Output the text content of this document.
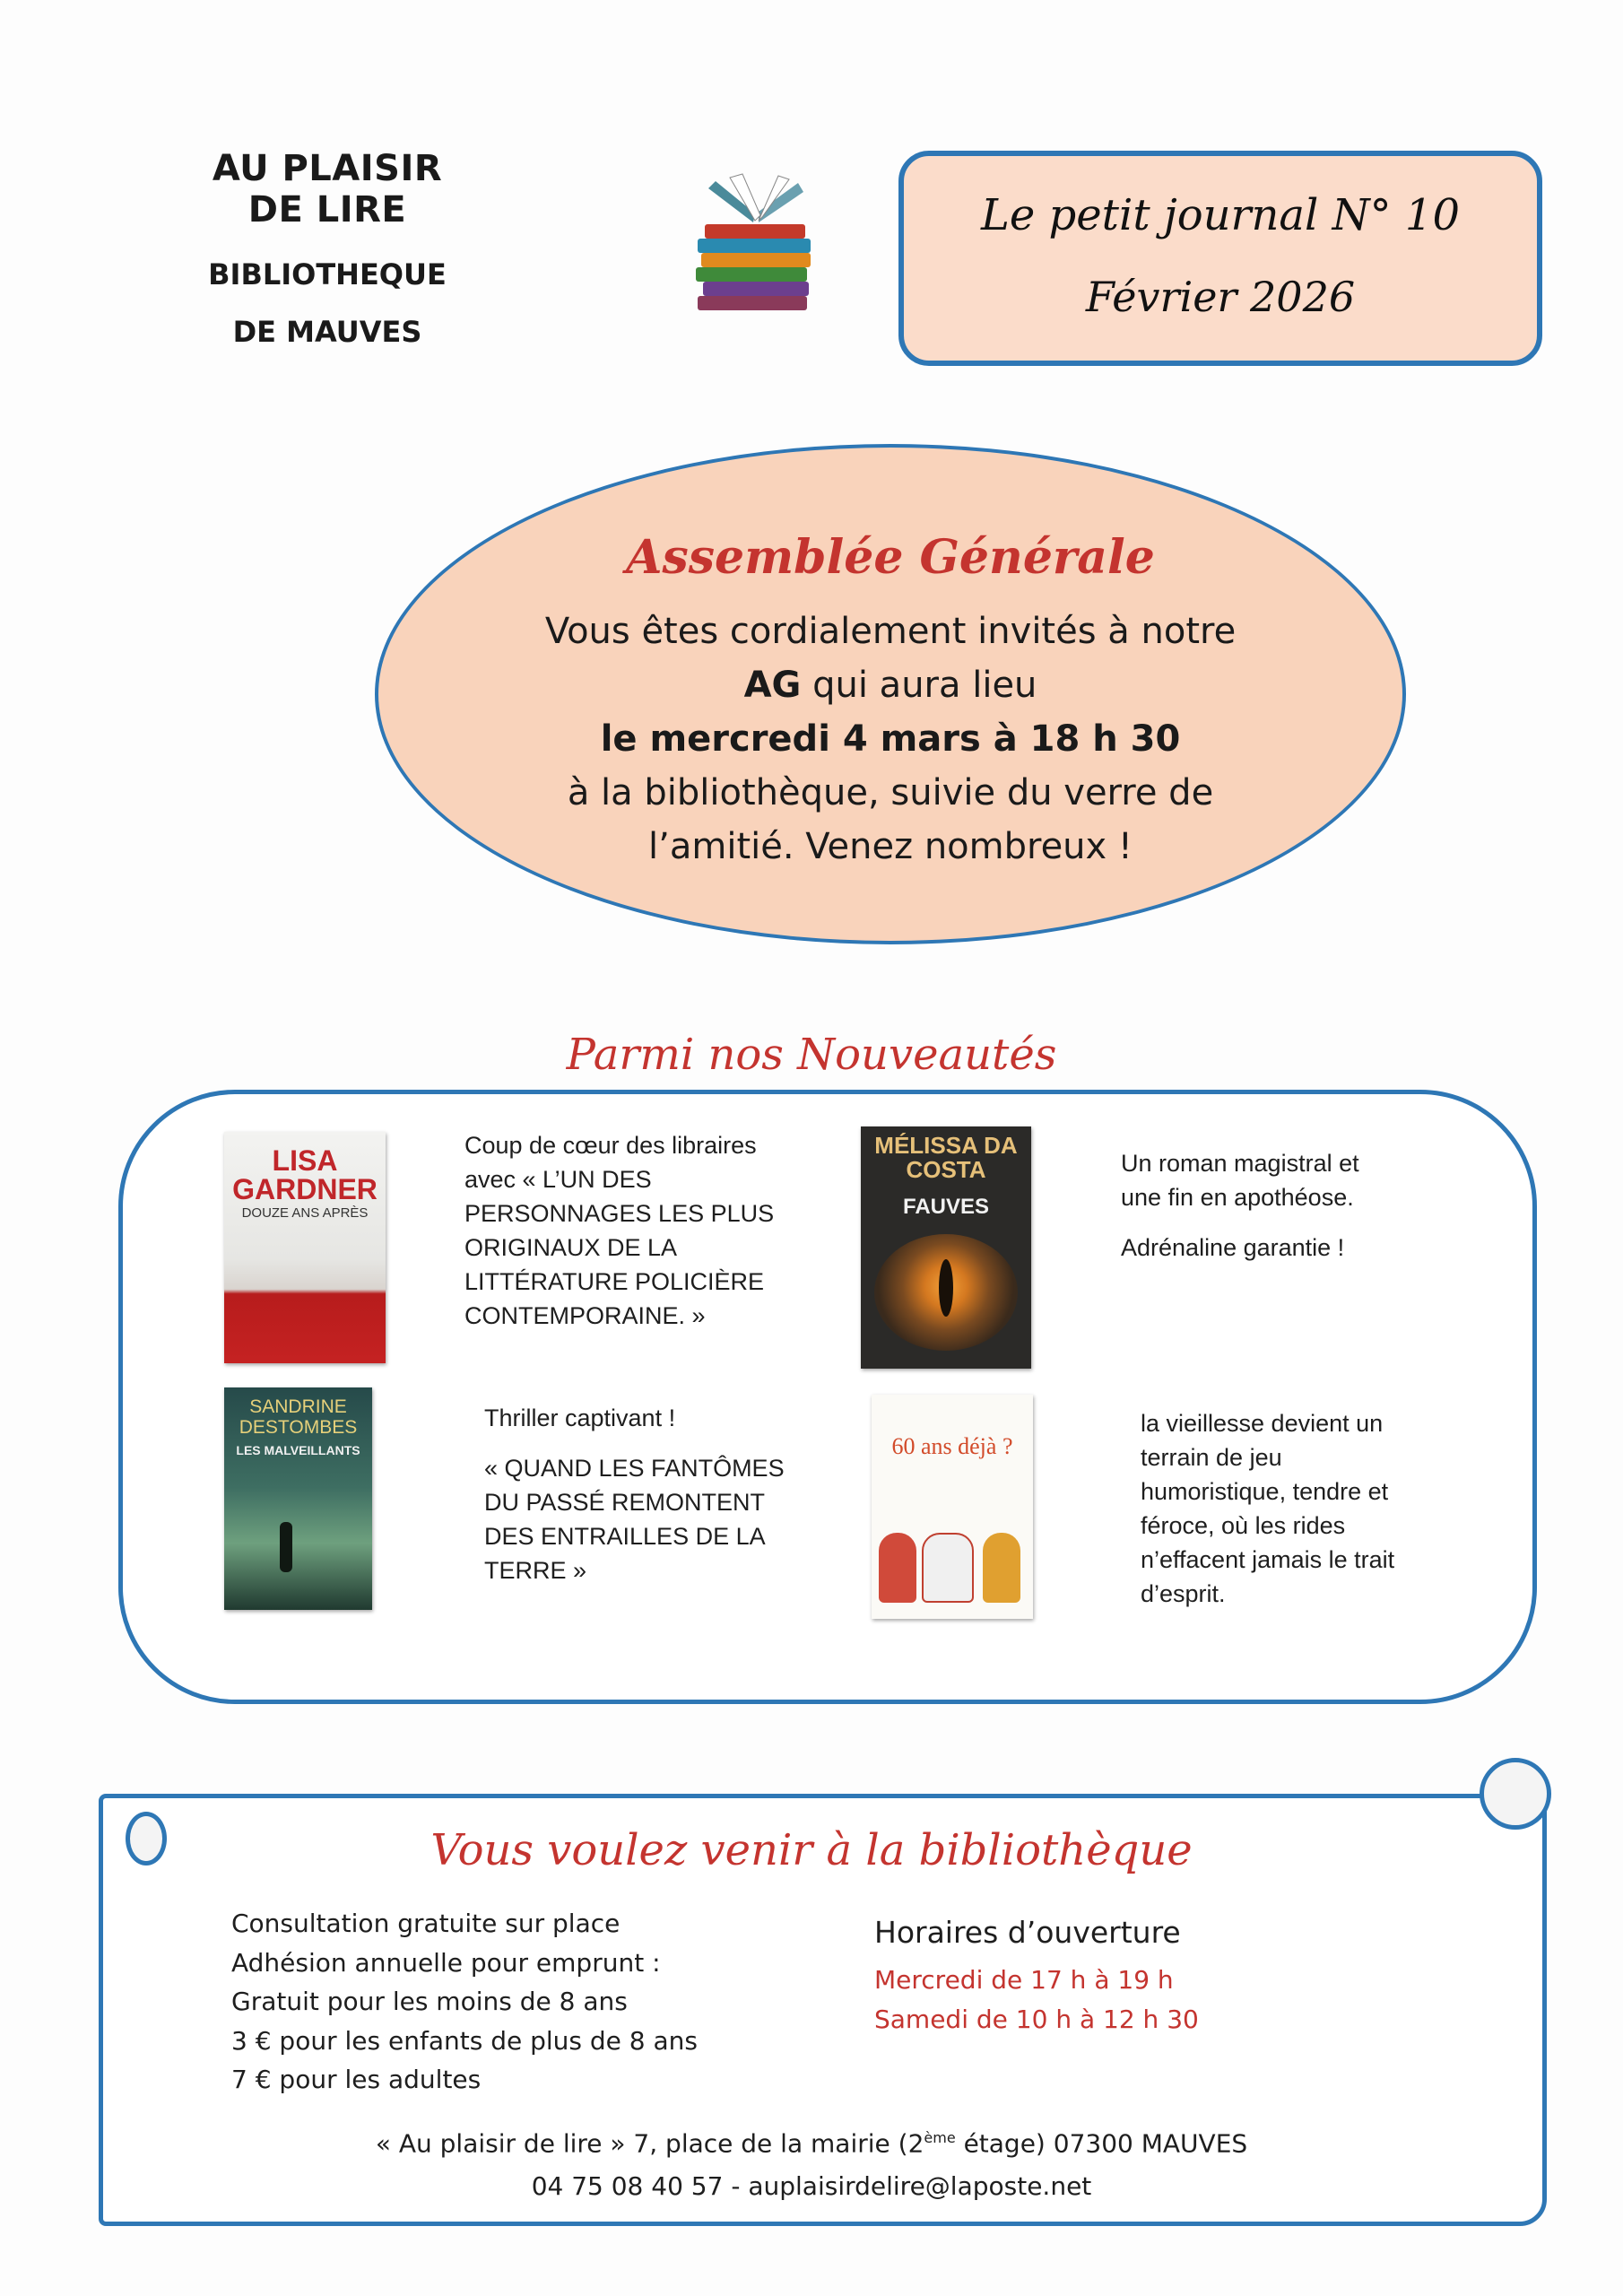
AU PLAISIR DE LIRE
BIBLIOTHEQUE
DE MAUVES
Le petit journal N° 10
Février 2026
Assemblée Générale
Vous êtes cordialement invités à notre
AG qui aura lieu
le mercredi 4 mars à 18 h 30
à la bibliothèque, suivie du verre de
l’amitié. Venez nombreux !
Parmi nos Nouveautés
LISA GARDNER
DOUZE ANS APRÈS

Coup de cœur des libraires avec « L’UN DES PERSONNAGES LES PLUS ORIGINAUX DE LA LITTÉRATURE POLICIÈRE CONTEMPORAINE. »

MÉLISSA DA COSTA
FAUVES

Un roman magistral et une fin en apothéose.

Adrénaline garantie !

SANDRINE DESTOMBES
LES MALVEILLANTS

Thriller captivant !

« QUAND LES FANTÔMES DU PASSÉ REMONTENT DES ENTRAILLES DE LA TERRE »

60 ans déjà ?

la vieillesse devient un terrain de jeu humoristique, tendre et féroce, où les rides n’effacent jamais le trait d’esprit.

Vous voulez venir à la bibliothèque
Consultation gratuite sur place
Adhésion annuelle pour emprunt :
Gratuit pour les moins de 8 ans
3 € pour les enfants de plus de 8 ans
7 € pour les adultes
Horaires d’ouverture
Mercredi de 17 h à 19 h
Samedi de 10 h à 12 h 30
« Au plaisir de lire » 7, place de la mairie (2ème étage) 07300 MAUVES
04 75 08 40 57 - auplaisirdelire@laposte.net
